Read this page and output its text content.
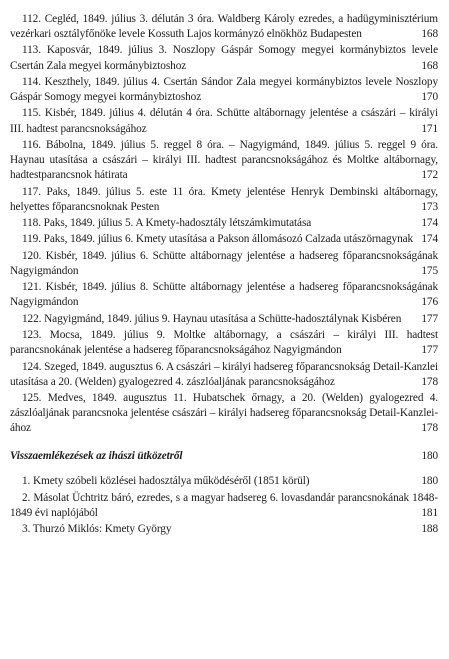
112. Cegléd, 1849. július 3. délután 3 óra. Waldberg Károly ezredes, a hadügyminisztérium vezérkari osztályfőnöke levele Kossuth Lajos kormányzó elnökhöz Budapesten	168
113. Kaposvár, 1849. július 3. Noszlopy Gáspár Somogy megyei kormánybiztos levele Csertán Zala megyei kormánybiztoshoz	168
114. Keszthely, 1849. július 4. Csertán Sándor Zala megyei kormánybiztos levele Noszlopy Gáspár Somogy megyei kormánybiztoshoz	170
115. Kisbér, 1849. július 4. délután 4 óra. Schütte altábornagy jelentése a császári – királyi III. hadtest parancsnokságához	171
116. Bábolna, 1849. július 5. reggel 8 óra. – Nagyigmánd, 1849. július 5. reggel 9 óra. Haynau utasítása a császári – királyi III. hadtest parancsnokságához és Moltke altábornagy, hadtestparancsnok hátirata	172
117. Paks, 1849. július 5. este 11 óra. Kmety jelentése Henryk Dembinski altábornagy, helyettes főparancsnoknak Pesten	173
118. Paks, 1849. július 5. A Kmety-hadosztály létszámkimutatása	174
119. Paks, 1849. július 6. Kmety utasítása a Pakson állomásozó Calzada utászörnagynak 174
120. Kisbér, 1849. július 6. Schütte altábornagy jelentése a hadsereg főparancsnokságának Nagyigmándon	175
121. Kisbér, 1849. július 8. Schütte altábornagy jelentése a hadsereg főparancsnokságának Nagyigmándon	176
122. Nagyigmánd, 1849. július 9. Haynau utasítása a Schütte-hadosztálynak Kisbéren	177
123. Mocsa, 1849. július 9. Moltke altábornagy, a császári – királyi III. hadtest parancsnokának jelentése a hadsereg főparancsnokságához Nagyigmándon	177
124. Szeged, 1849. augusztus 6. A császári – királyi hadsereg főparancsnokság Detail-Kanzlei utasítása a 20. (Welden) gyalogezred 4. zászlóaljának parancsnokságához	178
125. Medves, 1849. augusztus 11. Hubatschek őrnagy, a 20. (Welden) gyalogezred 4. zászlóaljának parancsnoka jelentése császári – királyi hadsereg főparancsnokság Detail-Kanzlei-ához	178
Visszaemlékezések az ihászi ütközetről	180
1. Kmety szóbeli közlései hadosztálya működéséről (1851 körül)	180
2. Másolat Üchtritz báró, ezredes, s a magyar hadsereg 6. lovasdandár parancsnokának 1848-1849 évi naplójából	181
3. Thurzó Miklós: Kmety György	188
